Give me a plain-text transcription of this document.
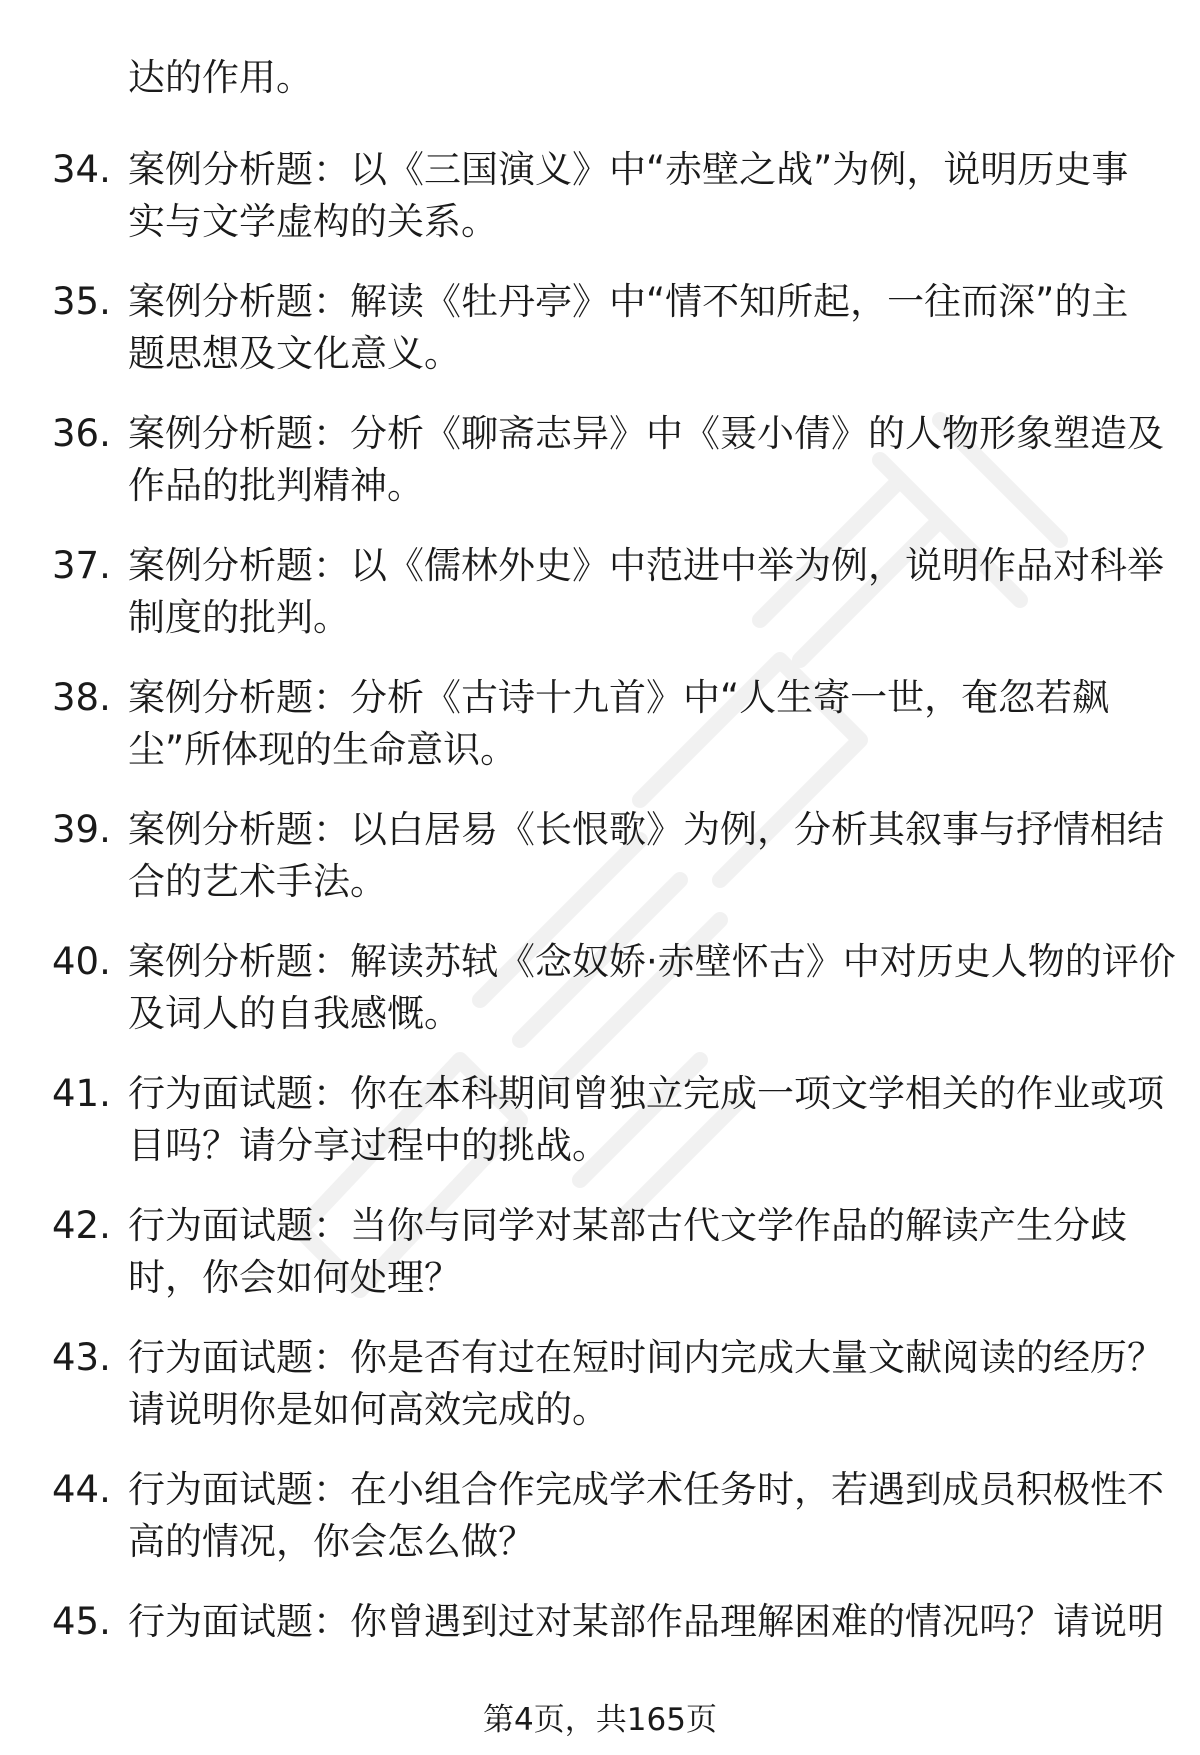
达的作用。

34. 案例分析题：以《三国演义》中“赤壁之战”为例，说明历史事
实与文学虚构的关系。
35. 案例分析题：解读《牡丹亭》中“情不知所起，一往而深”的主
题思想及文化意义。
36. 案例分析题：分析《聊斋志异》中《聂小倩》的人物形象塑造及
作品的批判精神。
37. 案例分析题：以《儒林外史》中范进中举为例，说明作品对科举
制度的批判。
38. 案例分析题：分析《古诗十九首》中“人生寄一世，奄忽若飙
尘”所体现的生命意识。
39. 案例分析题：以白居易《长恨歌》为例，分析其叙事与抒情相结
合的艺术手法。
40. 案例分析题：解读苏轼《念奴娇·赤壁怀古》中对历史人物的评价
及词人的自我感慨。
41. 行为面试题：你在本科期间曾独立完成一项文学相关的作业或项
目吗？请分享过程中的挑战。
42. 行为面试题：当你与同学对某部古代文学作品的解读产生分歧
时，你会如何处理？
43. 行为面试题：你是否有过在短时间内完成大量文献阅读的经历？
请说明你是如何高效完成的。
44. 行为面试题：在小组合作完成学术任务时，若遇到成员积极性不
高的情况，你会怎么做？
45. 行为面试题：你曾遇到过对某部作品理解困难的情况吗？请说明

第4页，共165页
